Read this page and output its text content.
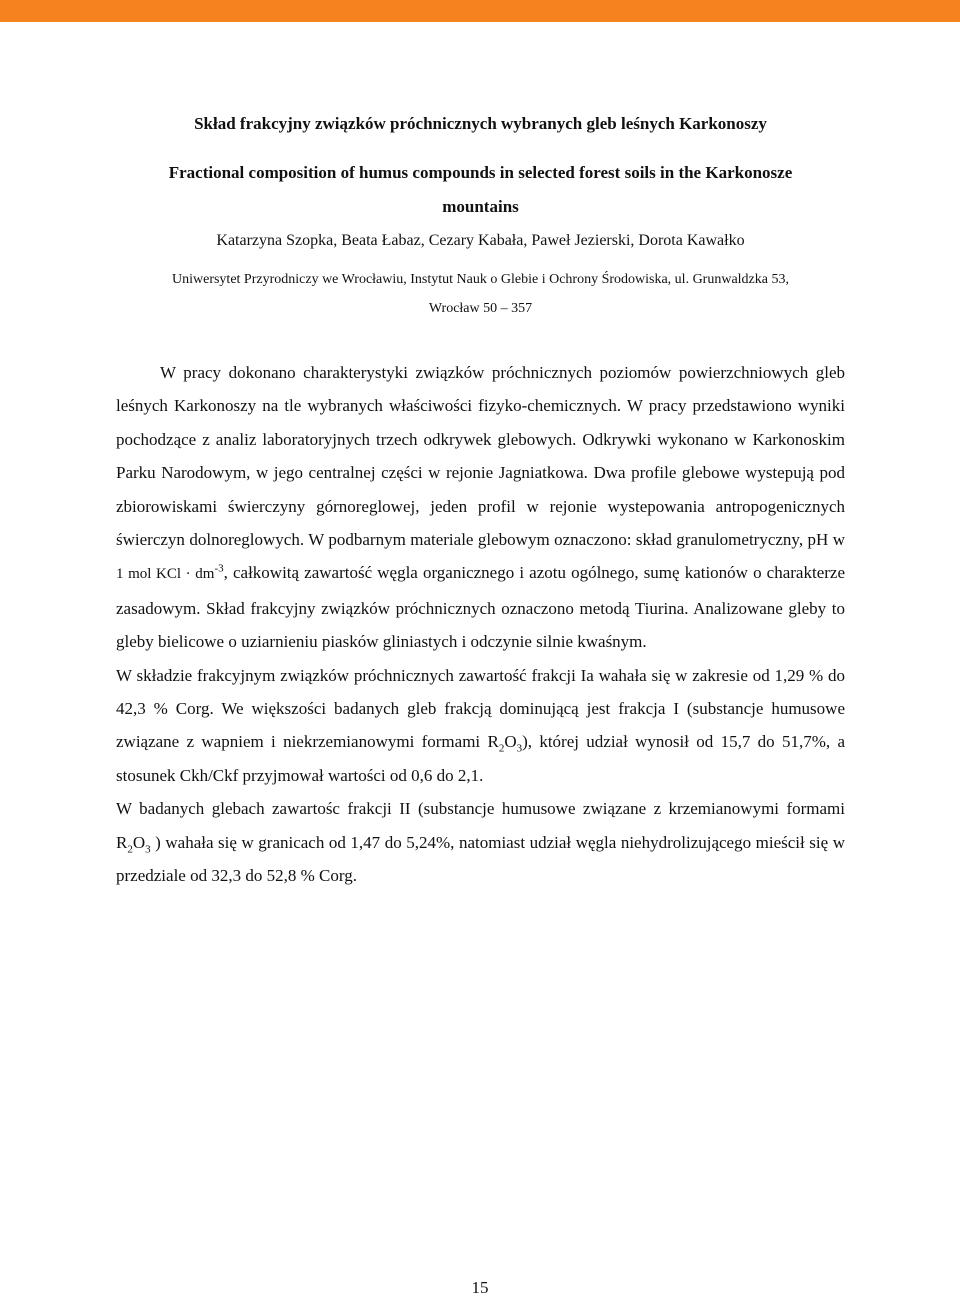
Skład frakcyjny związków próchnicznych wybranych gleb leśnych Karkonoszy
Fractional composition of humus compounds in selected forest soils in the Karkonosze
mountains
Katarzyna Szopka, Beata Łabaz, Cezary Kabała, Paweł Jezierski, Dorota Kawałko
Uniwersytet Przyrodniczy we Wrocławiu, Instytut Nauk o Glebie i Ochrony Środowiska, ul. Grunwaldzka 53,
Wrocław 50 – 357

W pracy dokonano charakterystyki związków próchnicznych poziomów powierzchniowych gleb leśnych Karkonoszy na tle wybranych właściwości fizyko-chemicznych. W pracy przedstawiono wyniki pochodzące z analiz laboratoryjnych trzech odkrywek glebowych. Odkrywki wykonano w Karkonoskim Parku Narodowym, w jego centralnej części w rejonie Jagniatkowa. Dwa profile glebowe wystepują pod zbiorowiskami świerczyny górnoreglowej, jeden profil w rejonie wystepowania antropogenicznych świerczyn dolnoreglowych. W podbarnym materiale glebowym oznaczono: skład granulometryczny, pH w 1 mol KCl · $dm^{-3}$, całkowitą zawartość węgla organicznego i azotu ogólnego, sumę kationów o charakterze zasadowym. Skład frakcyjny związków próchnicznych oznaczono metodą Tiurina. Analizowane gleby to gleby bielicowe o uziarnieniu piasków gliniastych i odczynie silnie kwaśnym.

W składzie frakcyjnym związków próchnicznych zawartość frakcji Ia wahała się w zakresie od 1,29 % do 42,3 % Corg. We większości badanych gleb frakcją dominującą jest frakcja I (substancje humusowe związane z wapniem i niekrzemianowymi formami $R_2O_3$), której udział wynosił od 15,7 do 51,7%, a stosunek Ckh/Ckf przyjmował wartości od 0,6 do 2,1.

W badanych glebach zawartośc frakcji II (substancje humusowe związane z krzemianowymi formami $R_2O_3$ ) wahała się w granicach od 1,47 do 5,24%, natomiast udział węgla niehydrolizującego mieścił się w przedziale od 32,3 do 52,8 % Corg.

15
